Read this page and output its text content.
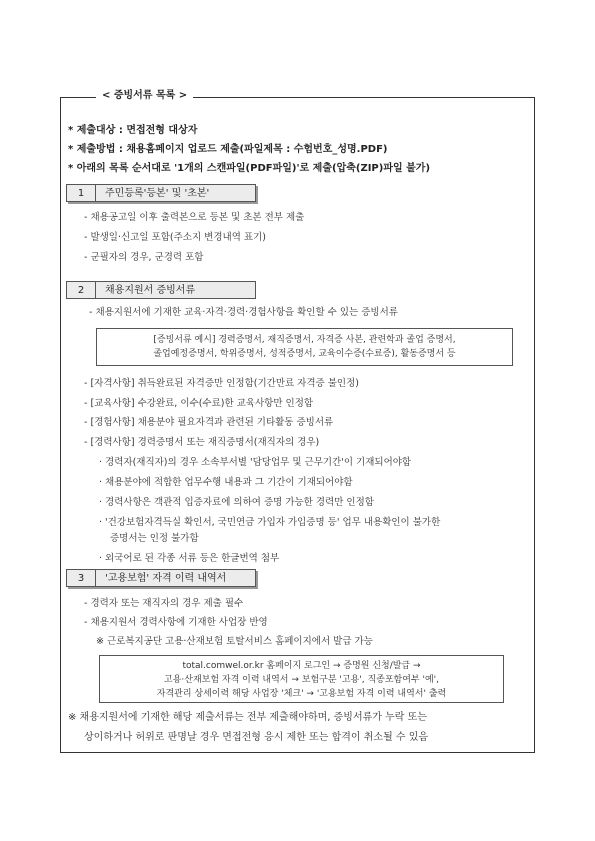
< 증빙서류 목록 >
* 제출대상 : 면접전형 대상자
* 제출방법 : 채용홈페이지 업로드 제출(파일제목 : 수험번호_성명.PDF)
* 아래의 목록 순서대로 '1개의 스캔파일(PDF파일)'로 제출(압축(ZIP)파일 불가)
1	주민등록'등본' 및 '초본'
- 채용공고일 이후 출력본으로 등본 및 초본 전부 제출
- 발생일·신고일 포함(주소지 변경내역 표기)
- 군필자의 경우, 군경력 포함
2	채용지원서 증빙서류
- 채용지원서에 기재한 교육·자격·경력·경험사항을 확인할 수 있는 증빙서류
[증빙서류 예시] 경력증명서, 재직증명서, 자격증 사본, 관련학과 졸업 증명서,
졸업예정증명서, 학위증명서, 성적증명서, 교육이수증(수료증), 활동증명서 등
- [자격사항] 취득완료된 자격증만 인정함(기간만료 자격증 불인정)
- [교육사항] 수강완료, 이수(수료)한 교육사항만 인정함
- [경험사항] 채용분야 필요자격과 관련된 기타활동 증빙서류
- [경력사항] 경력증명서 또는 재직증명서(재직자의 경우)
· 경력자(재직자)의 경우 소속부서별 '담당업무 및 근무기간'이 기재되어야함
· 채용분야에 적합한 업무수행 내용과 그 기간이 기재되어야함
· 경력사항은 객관적 입증자료에 의하여 증명 가능한 경력만 인정함
· '건강보험자격득실 확인서, 국민연금 가입자 가입증명 등' 업무 내용확인이 불가한
증명서는 인정 불가함
· 외국어로 된 각종 서류 등은 한글번역 첨부
3	'고용보험' 자격 이력 내역서
- 경력자 또는 재직자의 경우 제출 필수
- 채용지원서 경력사항에 기재한 사업장 반영
※ 근로복지공단 고용·산재보험 토탈서비스 홈페이지에서 발급 가능
total.comwel.or.kr 홈페이지 로그인 → 증명원 신청/발급 →
고용·산재보험 자격 이력 내역서 → 보험구분 '고용', 직종포함여부 '예',
자격관리 상세이력 해당 사업장 '체크' → '고용보험 자격 이력 내역서' 출력
※ 채용지원서에 기재한 해당 제출서류는 전부 제출해야하며, 증빙서류가 누락 또는
상이하거나 허위로 판명날 경우 면접전형 응시 제한 또는 합격이 취소될 수 있음
